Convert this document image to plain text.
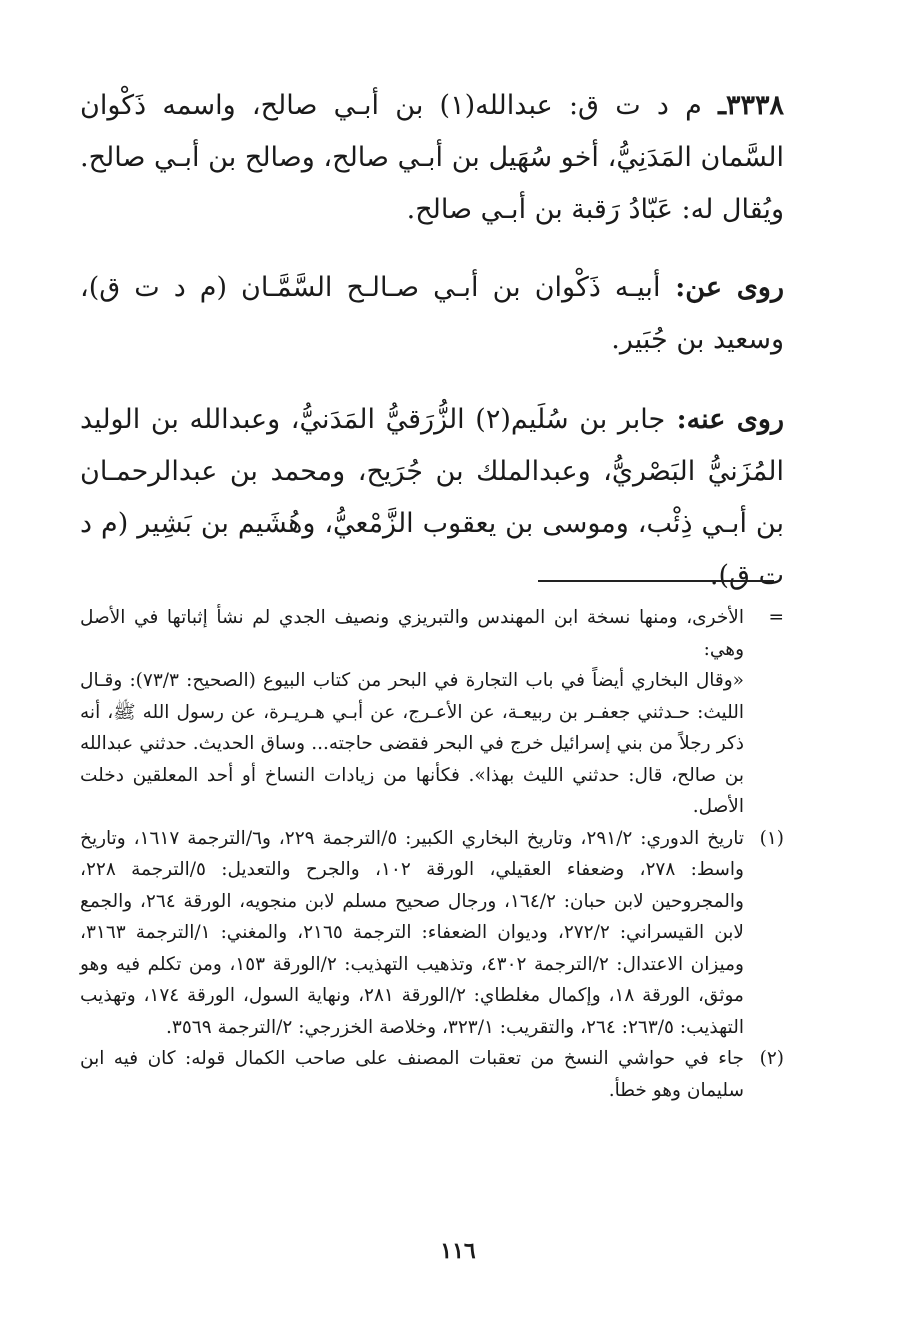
٣٣٣٨ـ م د ت ق: عبدالله(١) بن أبـي صالح، واسمه ذَكْوان السَّمان المَدَنِيُّ، أخو سُهَيل بن أبـي صالح، وصالح بن أبـي صالح. ويُقال له: عَبّادُ رَقبة بن أبـي صالح.

روى عن: أبيـه ذَكْوان بن أبـي صـالـح السَّمَّـان (م د ت ق)، وسعيد بن جُبَير.

روى عنه: جابر بن سُلَيم(٢) الزُّرَقيُّ المَدَنيُّ، وعبدالله بن الوليد المُزَنيُّ البَصْريُّ، وعبدالملك بن جُرَيح، ومحمد بن عبدالرحمـان بن أبـي ذِئْب، وموسى بن يعقوب الزَّمْعيُّ، وهُشَيم بن بَشِير (م د ت ق).

=

الأخرى، ومنها نسخة ابن المهندس والتبريزي ونصيف الجدي لم نشأ إثباتها في الأصل وهي:

«وقال البخاري أيضاً في باب التجارة في البحر من كتاب البيوع (الصحيح: ٧٣/٣): وقـال الليث: حـدثني جعفـر بن ربيعـة، عن الأعـرج، عن أبـي هـريـرة، عن رسول الله ﷺ، أنه ذكر رجلاً من بني إسرائيل خرج في البحر فقضى حاجته... وساق الحديث. حدثني عبدالله بن صالح، قال: حدثني الليث بهذا». فكأنها من زيادات النساخ أو أحد المعلقين دخلت الأصل.

(١)

تاريخ الدوري: ٢٩١/٢، وتاريخ البخاري الكبير: ٥/الترجمة ٢٢٩، و٦/الترجمة ١٦١٧، وتاريخ واسط: ٢٧٨، وضعفاء العقيلي، الورقة ١٠٢، والجرح والتعديل: ٥/الترجمة ٢٢٨، والمجروحين لابن حبان: ١٦٤/٢، ورجال صحيح مسلم لابن منجويه، الورقة ٢٦٤، والجمع لابن القيسراني: ٢٧٢/٢، وديوان الضعفاء: الترجمة ٢١٦٥، والمغني: ١/الترجمة ٣١٦٣، وميزان الاعتدال: ٢/الترجمة ٤٣٠٢، وتذهيب التهذيب: ٢/الورقة ١٥٣، ومن تكلم فيه وهو موثق، الورقة ١٨، وإكمال مغلطاي: ٢/الورقة ٢٨١، ونهاية السول، الورقة ١٧٤، وتهذيب التهذيب: ٢٦٣/٥: ٢٦٤، والتقريب: ٣٢٣/١، وخلاصة الخزرجي: ٢/الترجمة ٣٥٦٩.

(٢)

جاء في حواشي النسخ من تعقبات المصنف على صاحب الكمال قوله: كان فيه ابن سليمان وهو خطأ.

١١٦
